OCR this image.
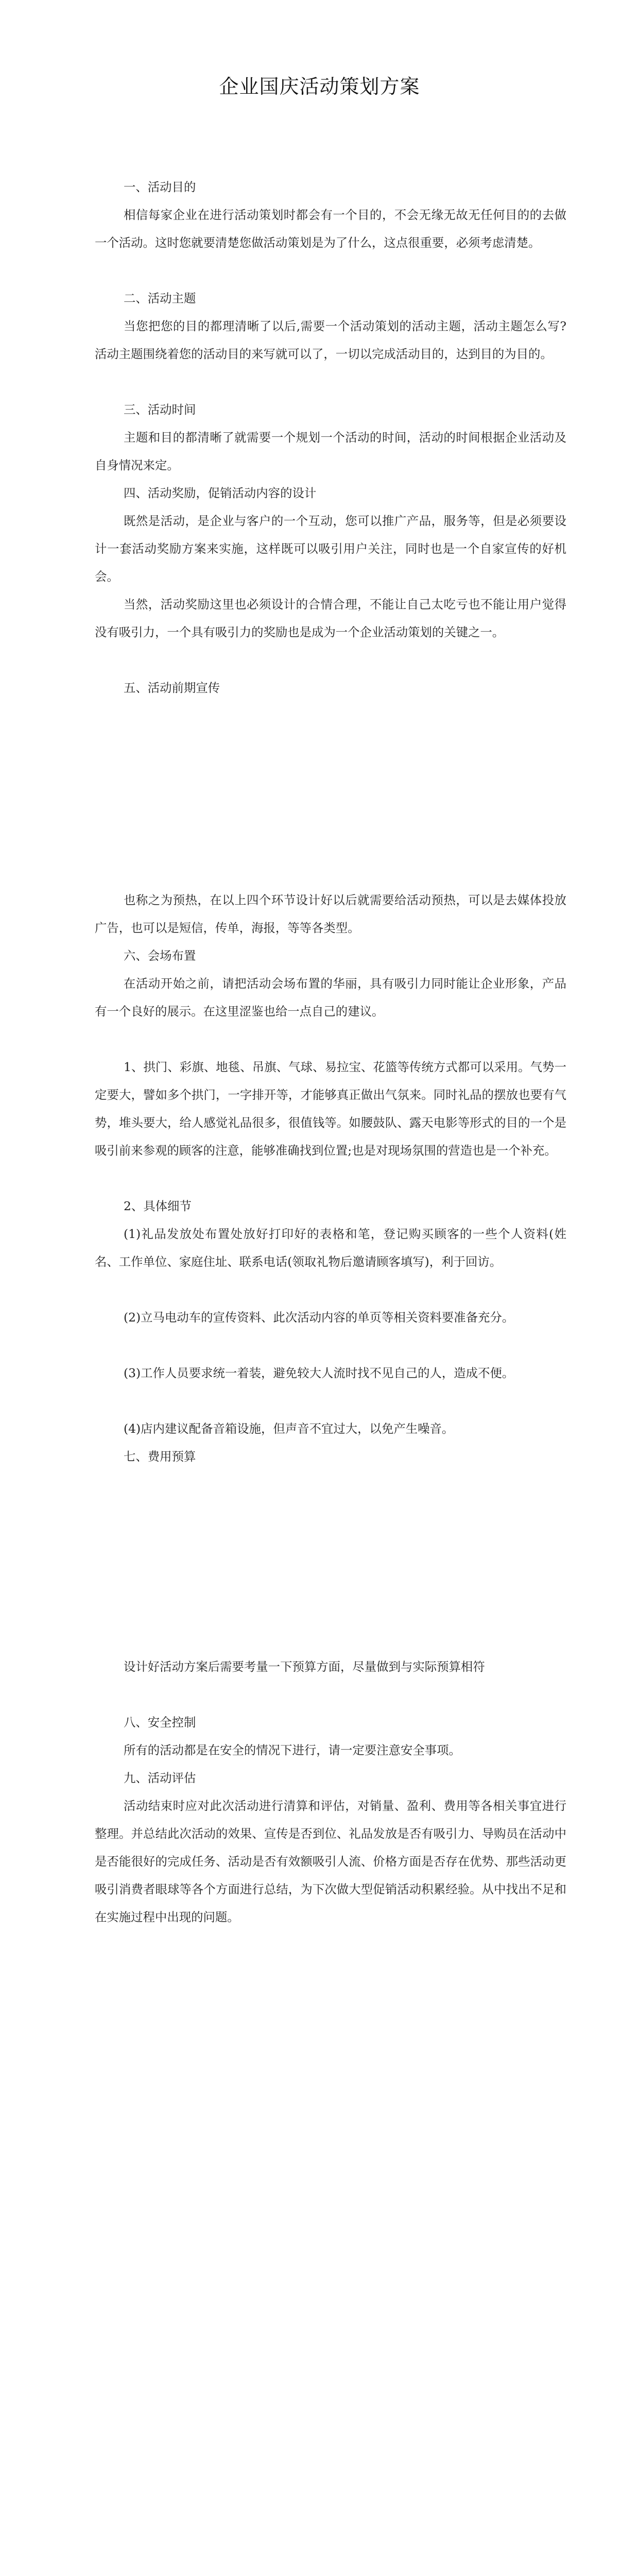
企业国庆活动策划方案
一、活动目的
相信每家企业在进行活动策划时都会有一个目的，不会无缘无故无任何目的的去做一个活动。这时您就要清楚您做活动策划是为了什么，这点很重要，必须考虑清楚。
二、活动主题
当您把您的目的都理清晰了以后,需要一个活动策划的活动主题，活动主题怎么写?活动主题围绕着您的活动目的来写就可以了，一切以完成活动目的，达到目的为目的。
三、活动时间
主题和目的都清晰了就需要一个规划一个活动的时间，活动的时间根据企业活动及自身情况来定。
四、活动奖励，促销活动内容的设计
既然是活动，是企业与客户的一个互动，您可以推广产品，服务等，但是必须要设计一套活动奖励方案来实施，这样既可以吸引用户关注，同时也是一个自家宣传的好机会。
当然，活动奖励这里也必须设计的合情合理，不能让自己太吃亏也不能让用户觉得没有吸引力，一个具有吸引力的奖励也是成为一个企业活动策划的关键之一。
五、活动前期宣传
也称之为预热，在以上四个环节设计好以后就需要给活动预热，可以是去媒体投放广告，也可以是短信，传单，海报，等等各类型。
六、会场布置
在活动开始之前，请把活动会场布置的华丽，具有吸引力同时能让企业形象，产品有一个良好的展示。在这里涩鉴也给一点自己的建议。
1、拱门、彩旗、地毯、吊旗、气球、易拉宝、花篮等传统方式都可以采用。气势一定要大，譬如多个拱门，一字排开等，才能够真正做出气氛来。同时礼品的摆放也要有气势，堆头要大，给人感觉礼品很多，很值钱等。如腰鼓队、露天电影等形式的目的一个是吸引前来参观的顾客的注意，能够准确找到位置;也是对现场氛围的营造也是一个补充。
2、具体细节
(1)礼品发放处布置处放好打印好的表格和笔，登记购买顾客的一些个人资料(姓名、工作单位、家庭住址、联系电话(领取礼物后邀请顾客填写)，利于回访。
(2)立马电动车的宣传资料、此次活动内容的单页等相关资料要准备充分。
(3)工作人员要求统一着装，避免较大人流时找不见自己的人，造成不便。
(4)店内建议配备音箱设施，但声音不宜过大，以免产生噪音。
七、费用预算
设计好活动方案后需要考量一下预算方面，尽量做到与实际预算相符
八、安全控制
所有的活动都是在安全的情况下进行，请一定要注意安全事项。
九、活动评估
活动结束时应对此次活动进行清算和评估，对销量、盈利、费用等各相关事宜进行整理。并总结此次活动的效果、宣传是否到位、礼品发放是否有吸引力、导购员在活动中是否能很好的完成任务、活动是否有效额吸引人流、价格方面是否存在优势、那些活动更吸引消费者眼球等各个方面进行总结，为下次做大型促销活动积累经验。从中找出不足和在实施过程中出现的问题。
